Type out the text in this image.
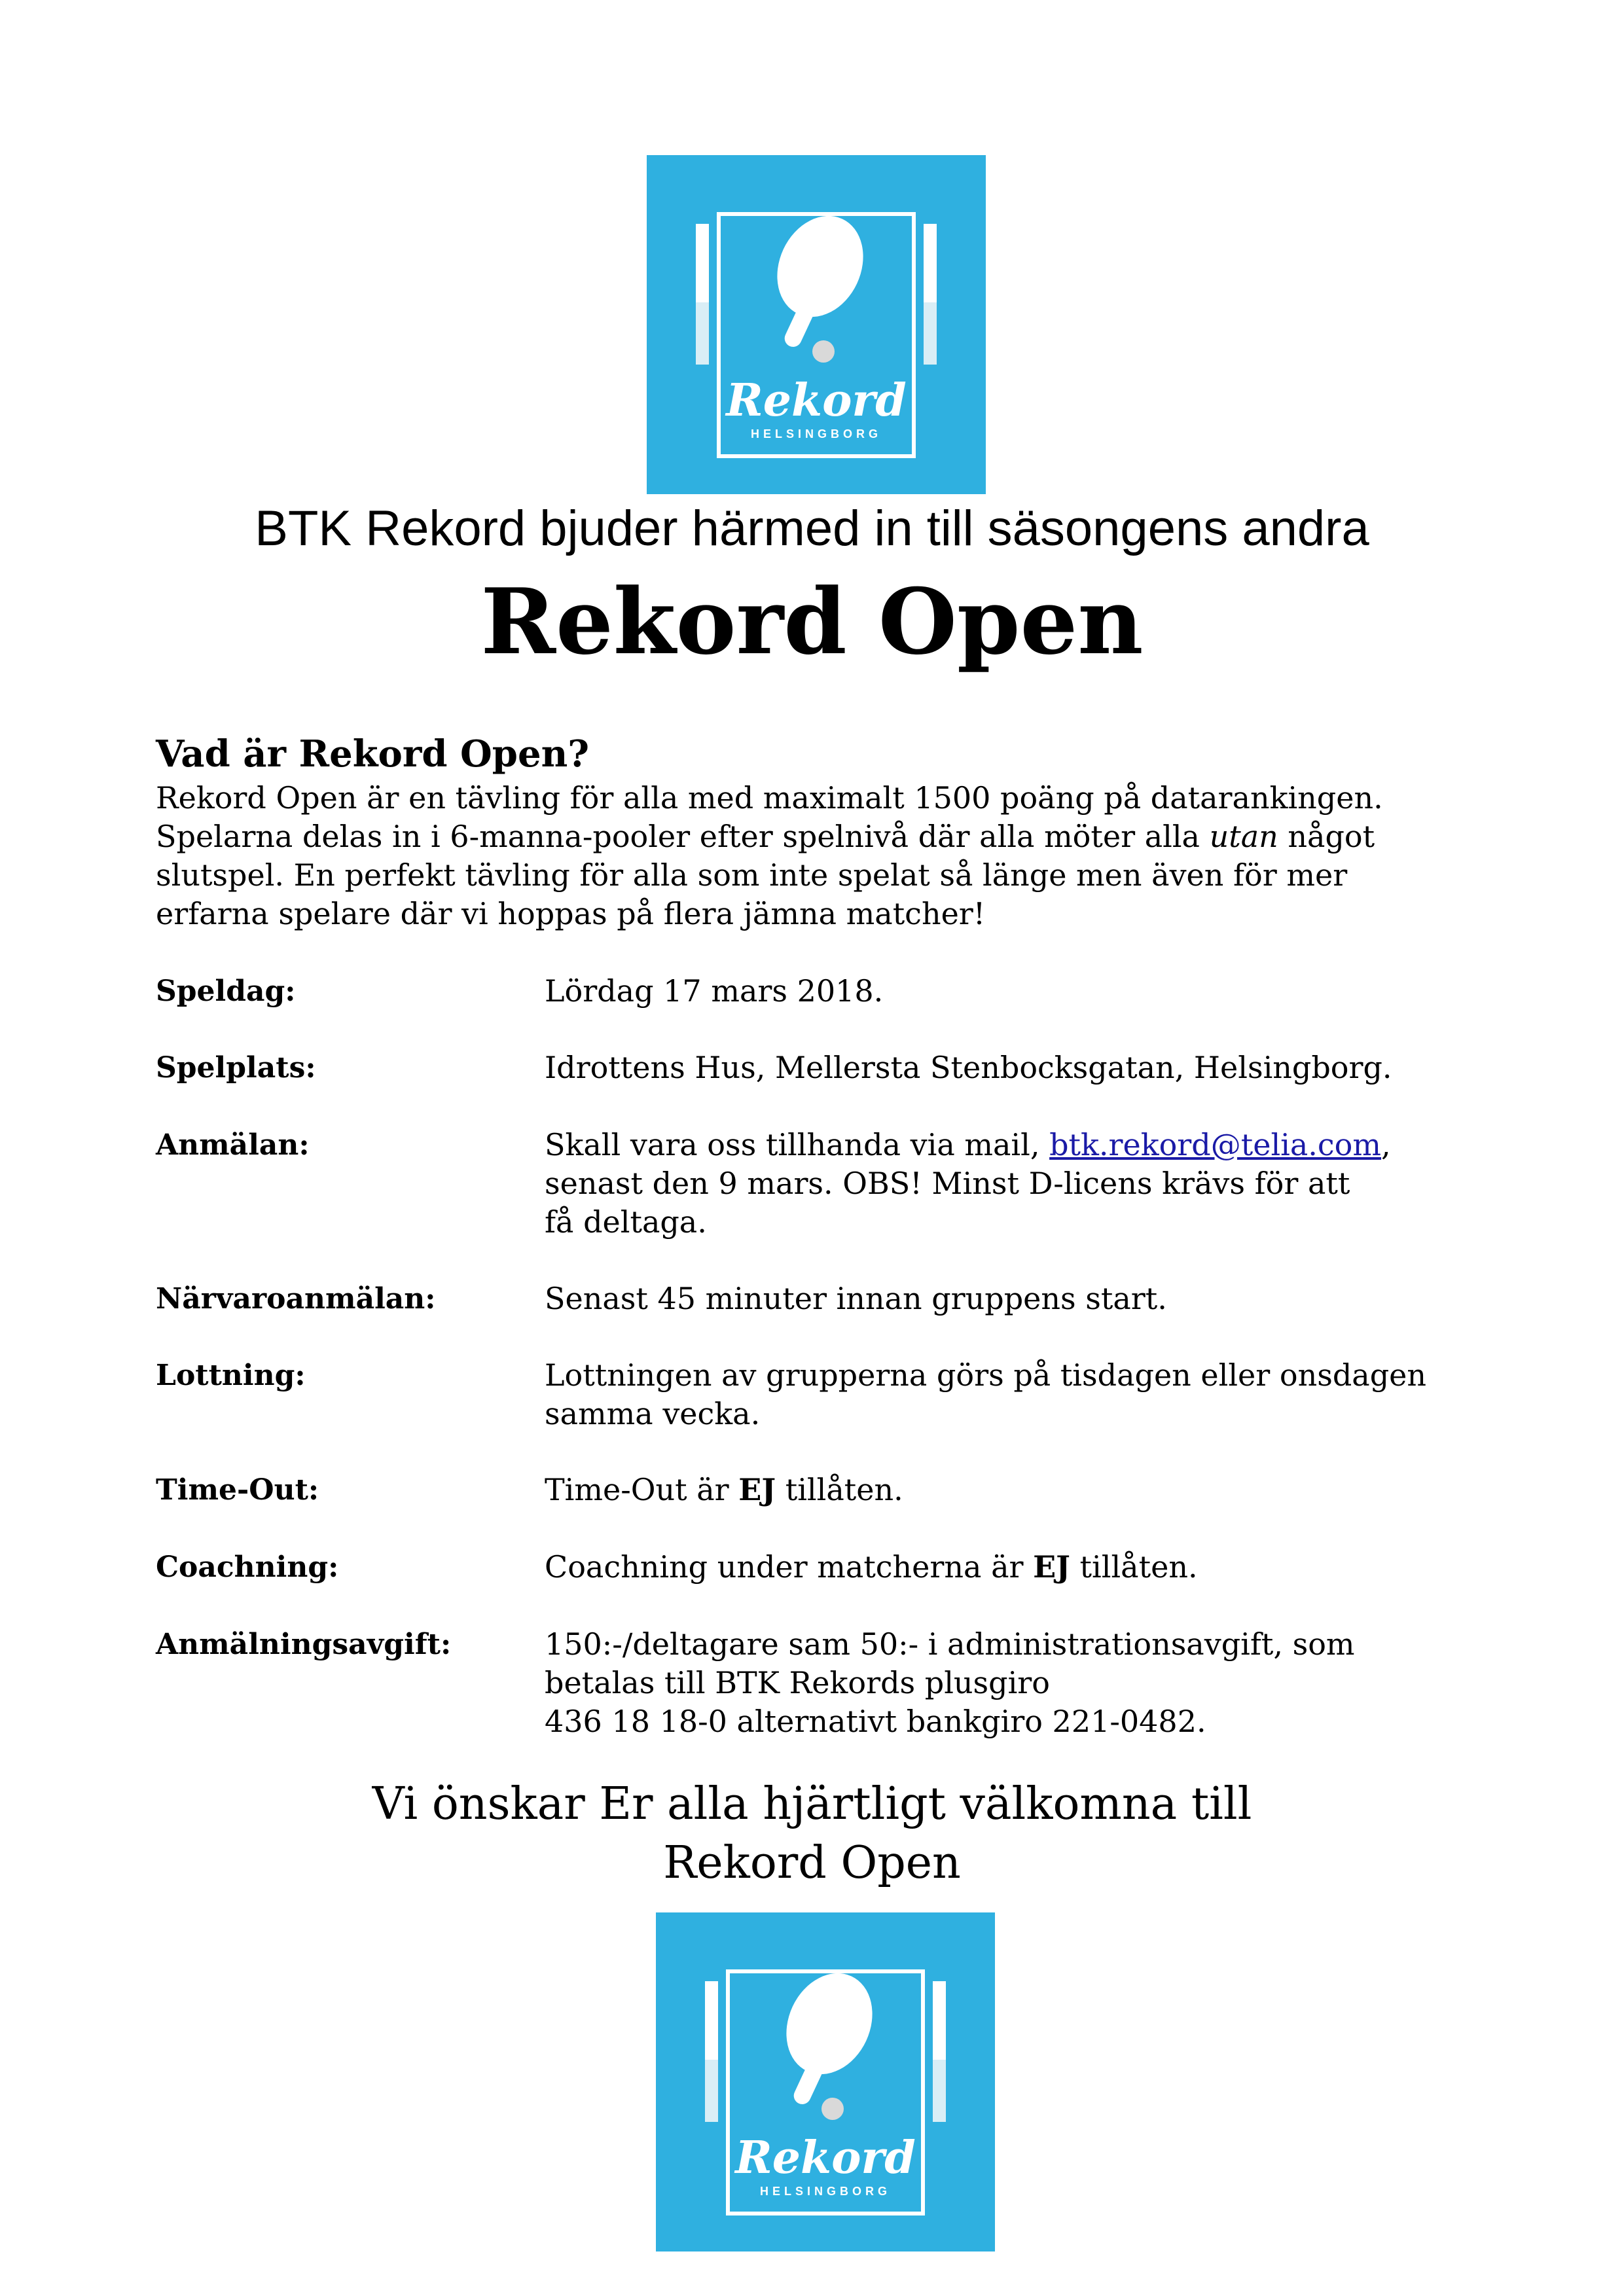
Rekord
HELSINGBORG
BTK Rekord bjuder härmed in till säsongens andra
Rekord Open
Vad är Rekord Open?
Rekord Open är en tävling för alla med maximalt 1500 poäng på datarankingen.
Spelarna delas in i 6-manna-pooler efter spelnivå där alla möter alla utan något
slutspel. En perfekt tävling för alla som inte spelat så länge men även för mer
erfarna spelare där vi hoppas på flera jämna matcher!
Speldag:	Lördag 17 mars 2018.
Spelplats:	Idrottens Hus, Mellersta Stenbocksgatan, Helsingborg.
Anmälan:	Skall vara oss tillhanda via mail, btk.rekord@telia.com,
senast den 9 mars. OBS! Minst D-licens krävs för att
få deltaga.
Närvaroanmälan:	Senast 45 minuter innan gruppens start.
Lottning:	Lottningen av grupperna görs på tisdagen eller onsdagen
samma vecka.
Time-Out:	Time-Out är EJ tillåten.
Coachning:	Coachning under matcherna är EJ tillåten.
Anmälningsavgift:	150:-/deltagare sam 50:- i administrationsavgift, som
betalas till BTK Rekords plusgiro
436 18 18-0 alternativt bankgiro 221-0482.
Vi önskar Er alla hjärtligt välkomna till
Rekord Open
Rekord
HELSINGBORG
